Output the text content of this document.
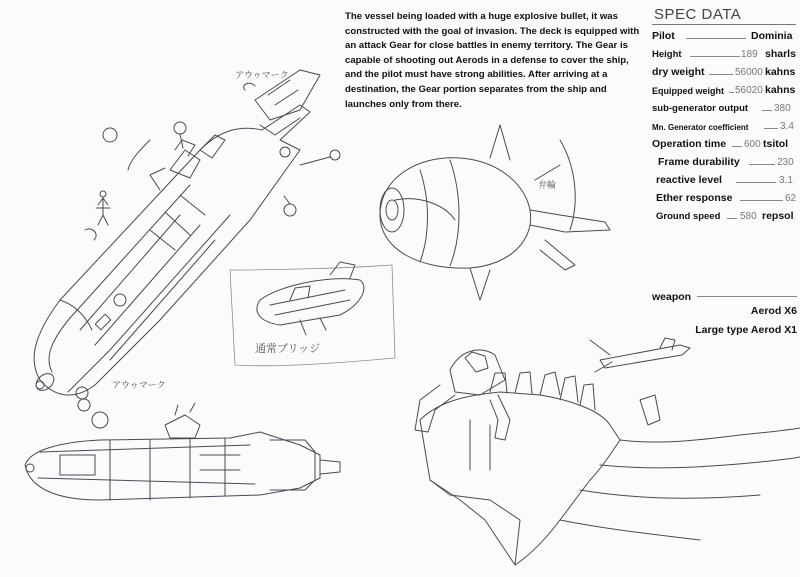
アウゥマーク
アウゥマーク
通常ブリッジ
弁輪
The vessel being loaded with a huge explosive bullet, it was constructed with the goal of invasion. The deck is equipped with an attack Gear for close battles in enemy territory. The Gear is capable of shooting out Aerods in a defense to cover the ship, and the pilot must have strong abilities. After arriving at a destination, the Gear portion separates from the ship and launches only from there.
SPEC DATA
Pilot	Dominia
Height	189 sharls
dry weight	56000 kahns
Equipped weight 56020 kahns
sub-generator output	380
Mn. Generator coefficient	3.4
Operation time 600 tsitol
Frame durability	230
reactive level	3.1
Ether response	62
Ground speed 580 repsol
weapon
Aerod X6
Large type Aerod X1
